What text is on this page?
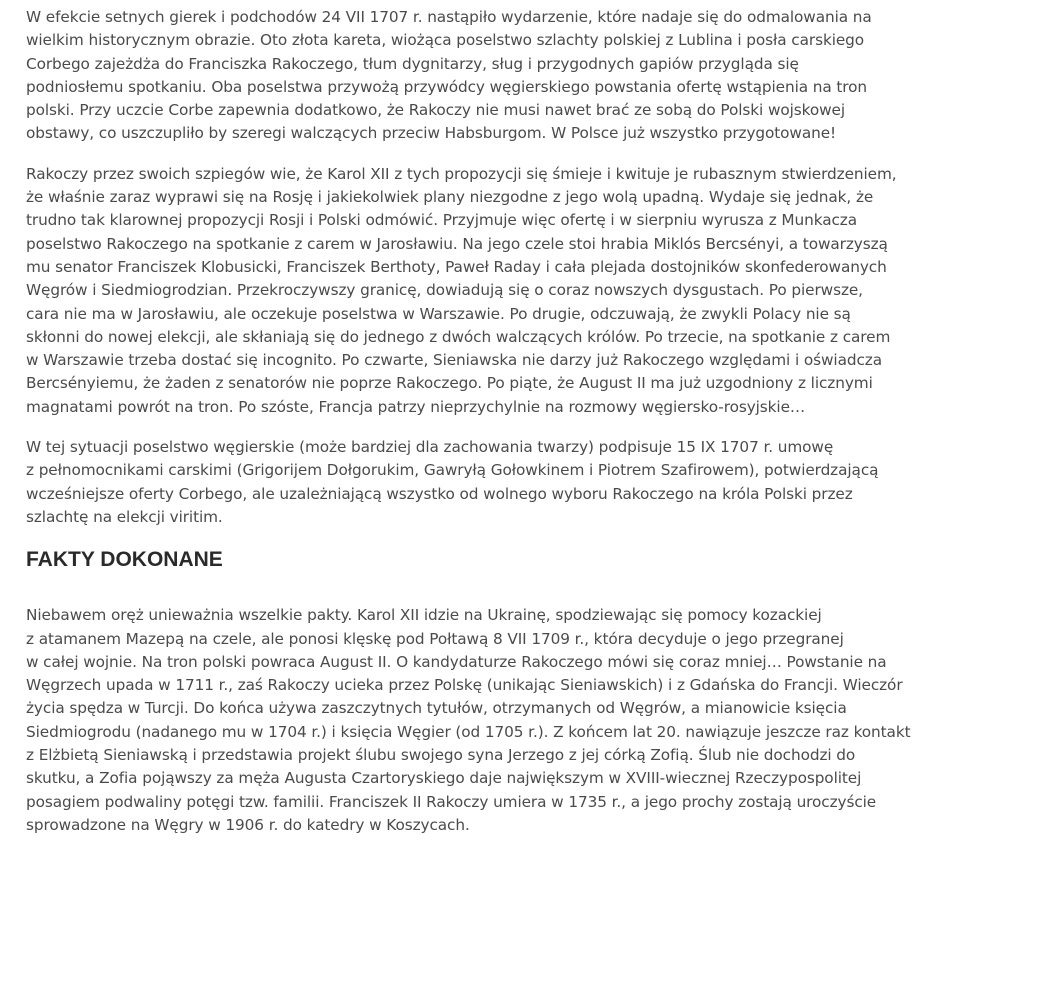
W efekcie setnych gierek i podchodów 24 VII 1707 r. nastąpiło wydarzenie, które nadaje się do odmalowania na
wielkim historycznym obrazie. Oto złota kareta, wiożąca poselstwo szlachty polskiej z Lublina i posła carskiego
Corbego zajeżdża do Franciszka Rakoczego, tłum dygnitarzy, sług i przygodnych gapiów przygląda się
podniosłemu spotkaniu. Oba poselstwa przywożą przywódcy węgierskiego powstania ofertę wstąpienia na tron
polski. Przy uczcie Corbe zapewnia dodatkowo, że Rakoczy nie musi nawet brać ze sobą do Polski wojskowej
obstawy, co uszczupliło by szeregi walczących przeciw Habsburgom. W Polsce już wszystko przygotowane!

Rakoczy przez swoich szpiegów wie, że Karol XII z tych propozycji się śmieje i kwituje je rubasznym stwierdzeniem,
że właśnie zaraz wyprawi się na Rosję i jakiekolwiek plany niezgodne z jego wolą upadną. Wydaje się jednak, że
trudno tak klarownej propozycji Rosji i Polski odmówić. Przyjmuje więc ofertę i w sierpniu wyrusza z Munkacza
poselstwo Rakoczego na spotkanie z carem w Jarosławiu. Na jego czele stoi hrabia Miklós Bercsényi, a towarzyszą
mu senator Franciszek Klobusicki, Franciszek Berthoty, Paweł Raday i cała plejada dostojników skonfederowanych
Węgrów i Siedmiogrodzian. Przekroczywszy granicę, dowiadują się o coraz nowszych dysgustach. Po pierwsze,
cara nie ma w Jarosławiu, ale oczekuje poselstwa w Warszawie. Po drugie, odczuwają, że zwykli Polacy nie są
skłonni do nowej elekcji, ale skłaniają się do jednego z dwóch walczących królów. Po trzecie, na spotkanie z carem
w Warszawie trzeba dostać się incognito. Po czwarte, Sieniawska nie darzy już Rakoczego względami i oświadcza
Bercsényiemu, że żaden z senatorów nie poprze Rakoczego. Po piąte, że August II ma już uzgodniony z licznymi
magnatami powrót na tron. Po szóste, Francja patrzy nieprzychylnie na rozmowy węgiersko-rosyjskie…

W tej sytuacji poselstwo węgierskie (może bardziej dla zachowania twarzy) podpisuje 15 IX 1707 r. umowę
z pełnomocnikami carskimi (Grigorijem Dołgorukim, Gawryłą Gołowkinem i Piotrem Szafirowem), potwierdzającą
wcześniejsze oferty Corbego, ale uzależniającą wszystko od wolnego wyboru Rakoczego na króla Polski przez
szlachtę na elekcji viritim.

FAKTY DOKONANE

Niebawem oręż unieważnia wszelkie pakty. Karol XII idzie na Ukrainę, spodziewając się pomocy kozackiej
z atamanem Mazepą na czele, ale ponosi klęskę pod Połtawą 8 VII 1709 r., która decyduje o jego przegranej
w całej wojnie. Na tron polski powraca August II. O kandydaturze Rakoczego mówi się coraz mniej… Powstanie na
Węgrzech upada w 1711 r., zaś Rakoczy ucieka przez Polskę (unikając Sieniawskich) i z Gdańska do Francji. Wieczór
życia spędza w Turcji. Do końca używa zaszczytnych tytułów, otrzymanych od Węgrów, a mianowicie księcia
Siedmiogrodu (nadanego mu w 1704 r.) i księcia Węgier (od 1705 r.). Z końcem lat 20. nawiązuje jeszcze raz kontakt
z Elżbietą Sieniawską i przedstawia projekt ślubu swojego syna Jerzego z jej córką Zofią. Ślub nie dochodzi do
skutku, a Zofia pojąwszy za męża Augusta Czartoryskiego daje największym w XVIII-wiecznej Rzeczypospolitej
posagiem podwaliny potęgi tzw. familii. Franciszek II Rakoczy umiera w 1735 r., a jego prochy zostają uroczyście
sprowadzone na Węgry w 1906 r. do katedry w Koszycach.
